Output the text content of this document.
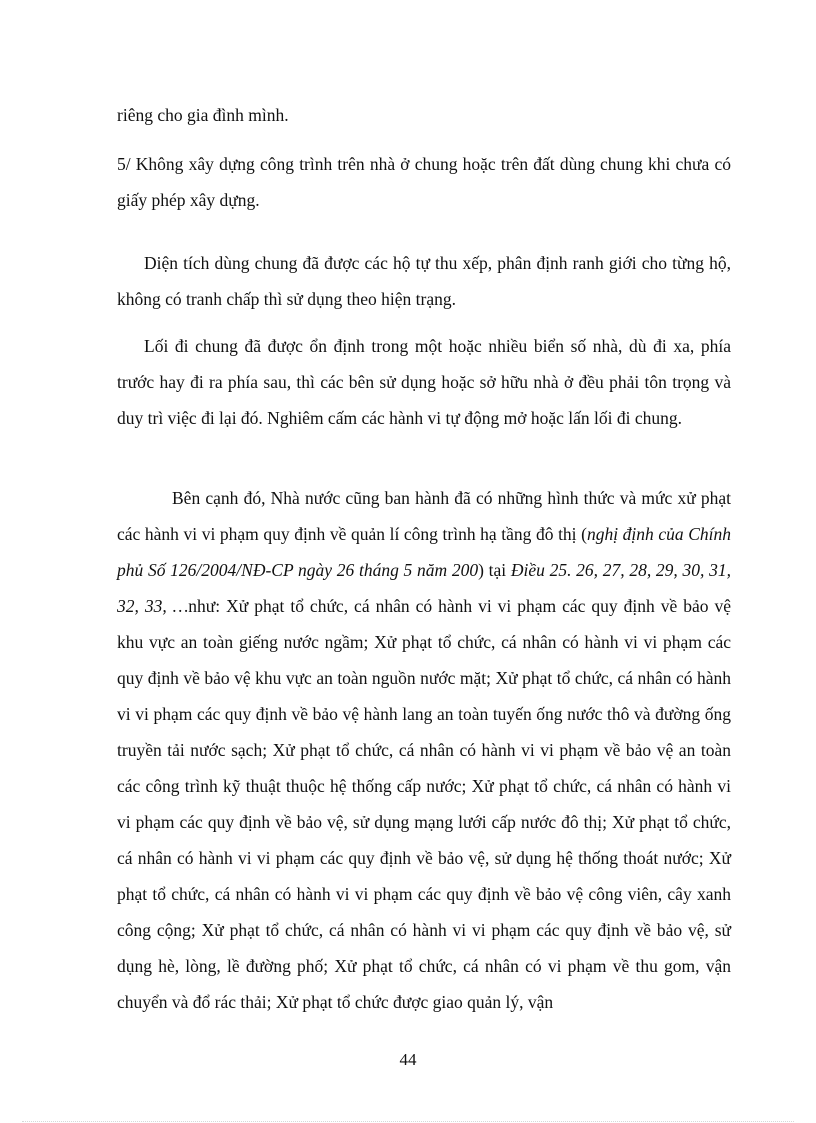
riêng cho gia đình mình.

5/ Không xây dựng công trình trên nhà ở chung hoặc trên đất dùng chung khi chưa có giấy phép xây dựng.

Diện tích dùng chung đã được các hộ tự thu xếp, phân định ranh giới cho từng hộ, không có tranh chấp thì sử dụng theo hiện trạng.

Lối đi chung đã được ổn định trong một hoặc nhiều biển số nhà, dù đi xa, phía trước hay đi ra phía sau, thì các bên sử dụng hoặc sở hữu nhà ở đều phải tôn trọng và duy trì việc đi lại đó. Nghiêm cấm các hành vi tự động mở hoặc lấn lối đi chung.

Bên cạnh đó, Nhà nước cũng ban hành đã có những hình thức và mức xử phạt các hành vi vi phạm quy định về quản lí công trình hạ tầng đô thị (nghị định của Chính phủ Số 126/2004/NĐ-CP ngày 26 tháng 5 năm 200) tại Điều 25. 26, 27, 28, 29, 30, 31, 32, 33, …như: Xử phạt tổ chức, cá nhân có hành vi vi phạm các quy định về bảo vệ khu vực an toàn giếng nước ngầm; Xử phạt tổ chức, cá nhân có hành vi vi phạm các quy định về bảo vệ khu vực an toàn nguồn nước mặt; Xử phạt tổ chức, cá nhân có hành vi vi phạm các quy định về bảo vệ hành lang an toàn tuyến ống nước thô và đường ống truyền tải nước sạch; Xử phạt tổ chức, cá nhân có hành vi vi phạm về bảo vệ an toàn các công trình kỹ thuật thuộc hệ thống cấp nước; Xử phạt tổ chức, cá nhân có hành vi vi phạm các quy định về bảo vệ, sử dụng mạng lưới cấp nước đô thị; Xử phạt tổ chức, cá nhân có hành vi vi phạm các quy định về bảo vệ, sử dụng hệ thống thoát nước; Xử phạt tổ chức, cá nhân có hành vi vi phạm các quy định về bảo vệ công viên, cây xanh công cộng; Xử phạt tổ chức, cá nhân có hành vi vi phạm các quy định về bảo vệ, sử dụng hè, lòng, lề đường phố; Xử phạt tổ chức, cá nhân có vi phạm về thu gom, vận chuyển và đổ rác thải; Xử phạt tổ chức được giao quản lý, vận

44
